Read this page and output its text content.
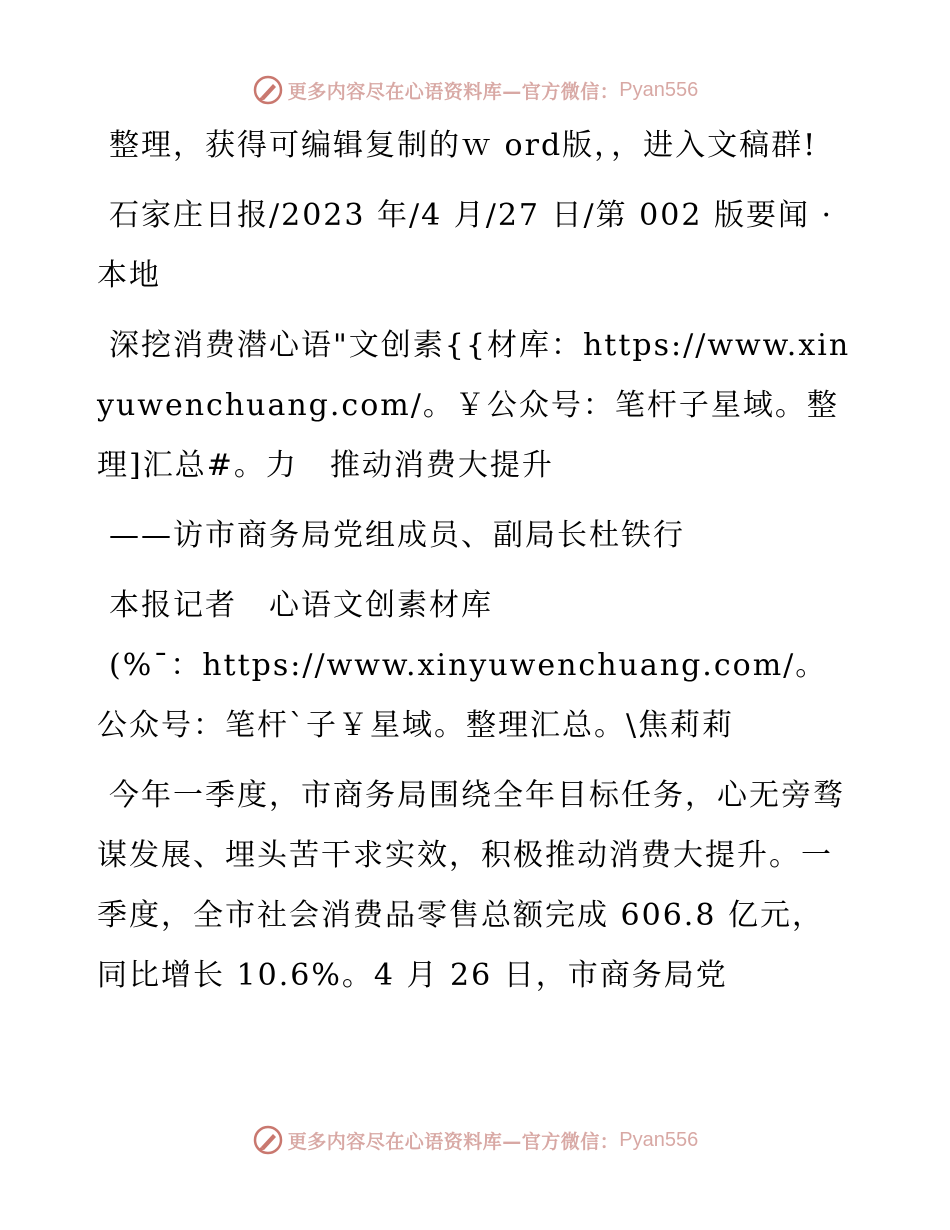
更多内容尽在心语资料库—官方微信： Pyan556

整理，获得可编辑复制的ｗ ord版，，进入文稿群!

石家庄日报/2023 年/4 月/27 日/第 002 版要闻 · 本地

深挖消费潜心语"文创素{{材库：https://www.xinyuwenchuang.com/。￥公众号：笔杆子星域。整理]汇总#。力　推动消费大提升

——访市商务局党组成员、副局长杜铁行

本报记者　心语文创素材库

(%¯：https://www.xinyuwenchuang.com/。公众号：笔杆`子￥星域。整理汇总。\焦莉莉

今年一季度，市商务局围绕全年目标任务，心无旁骛谋发展、埋头苦干求实效，积极推动消费大提升。一季度，全市社会消费品零售总额完成 606.8 亿元，同比增长 10.6%。4 月 26 日，市商务局党

更多内容尽在心语资料库—官方微信： Pyan556
